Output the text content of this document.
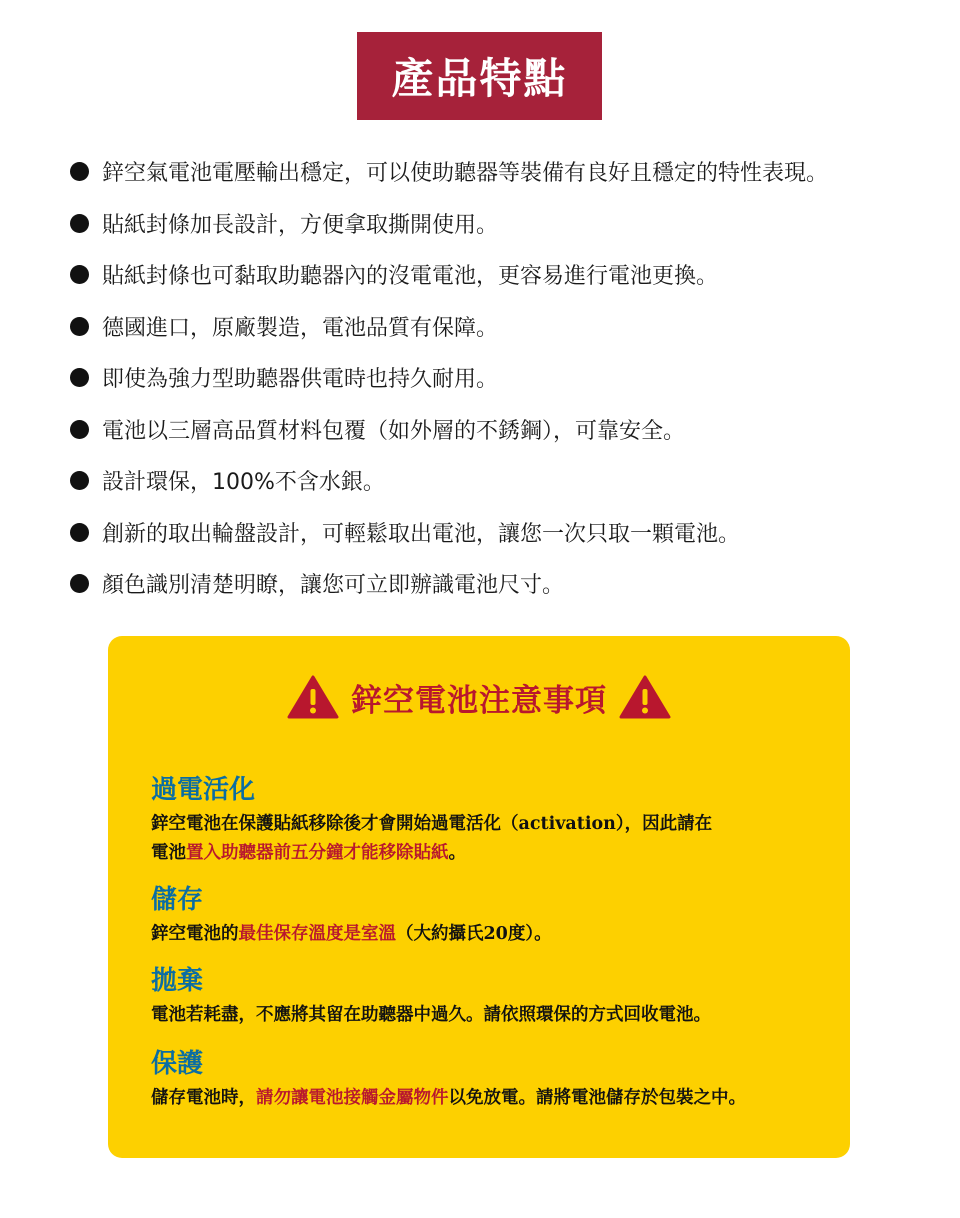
產品特點
鋅空氣電池電壓輸出穩定，可以使助聽器等裝備有良好且穩定的特性表現。
貼紙封條加長設計，方便拿取撕開使用。
貼紙封條也可黏取助聽器內的沒電電池，更容易進行電池更換。
德國進口，原廠製造，電池品質有保障。
即使為強力型助聽器供電時也持久耐用。
電池以三層高品質材料包覆（如外層的不銹鋼），可靠安全。
設計環保，100%不含水銀。
創新的取出輪盤設計，可輕鬆取出電池，讓您一次只取一顆電池。
顏色識別清楚明瞭，讓您可立即辦識電池尺寸。
鋅空電池注意事項
過電活化

鋅空電池在保護貼紙移除後才會開始過電活化（activation），因此請在
電池置入助聽器前五分鐘才能移除貼紙。

儲存

鋅空電池的最佳保存溫度是室溫（大約攝氏20度）。

拋棄

電池若耗盡，不應將其留在助聽器中過久。請依照環保的方式回收電池。

保護

儲存電池時，請勿讓電池接觸金屬物件以免放電。請將電池儲存於包裝之中。
